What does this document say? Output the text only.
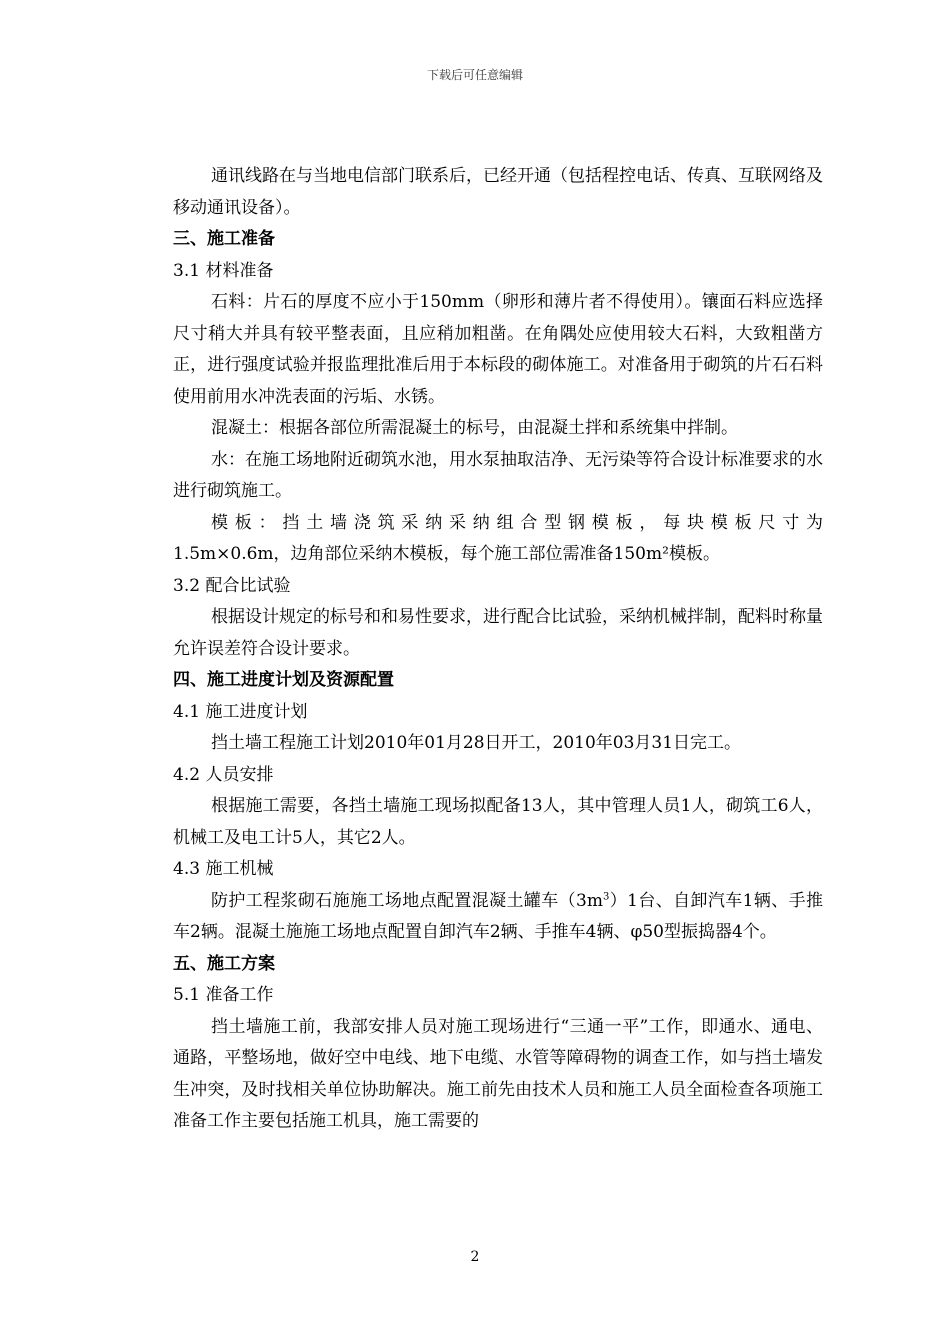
下载后可任意编辑

通讯线路在与当地电信部门联系后，已经开通（包括程控电话、传真、互联网络及移动通讯设备）。

三、施工准备

3.1 材料准备

石料：片石的厚度不应小于150mm（卵形和薄片者不得使用）。镶面石料应选择尺寸稍大并具有较平整表面，且应稍加粗凿。在角隅处应使用较大石料，大致粗凿方正，进行强度试验并报监理批准后用于本标段的砌体施工。对准备用于砌筑的片石石料使用前用水冲洗表面的污垢、水锈。

混凝土：根据各部位所需混凝土的标号，由混凝土拌和系统集中拌制。

水：在施工场地附近砌筑水池，用水泵抽取洁净、无污染等符合设计标准要求的水进行砌筑施工。

模板：挡土墙浇筑采纳采纳组合型钢模板，每块模板尺寸为

1.5m×0.6m，边角部位采纳木模板，每个施工部位需准备150m²模板。

3.2 配合比试验

根据设计规定的标号和和易性要求，进行配合比试验，采纳机械拌制，配料时称量允许误差符合设计要求。

四、施工进度计划及资源配置

4.1 施工进度计划

挡土墙工程施工计划2010年01月28日开工，2010年03月31日完工。

4.2 人员安排

根据施工需要，各挡土墙施工现场拟配备13人，其中管理人员1人，砌筑工6人，机械工及电工计5人，其它2人。

4.3 施工机械

防护工程浆砌石施施工场地点配置混凝土罐车$(3m^3)1$台、自卸汽车1辆、手推车2辆。混凝土施施工场地点配置自卸汽车2辆、手推车4辆、φ50型振捣器4个。

五、施工方案

5.1 准备工作

挡土墙施工前，我部安排人员对施工现场进行“三通一平”工作，即通水、通电、通路，平整场地，做好空中电线、地下电缆、水管等障碍物的调查工作，如与挡土墙发生冲突，及时找相关单位协助解决。施工前先由技术人员和施工人员全面检查各项施工准备工作主要包括施工机具，施工需要的

2
